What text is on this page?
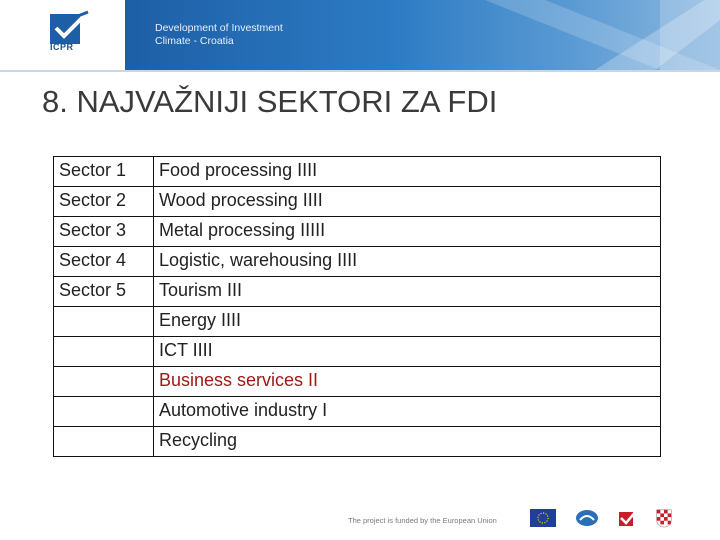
ICPR
Development of Investment
Climate - Croatia
8. NAJVAŽNIJI SEKTORI ZA FDI
Sector 1	Food processing IIII
Sector 2	Wood processing IIII
Sector 3	Metal processing IIIII
Sector 4	Logistic, warehousing IIII
Sector 5	Tourism III
	Energy IIII
	ICT IIII
	Business services II
	Automotive industry I
	Recycling
The project is funded by the European Union
